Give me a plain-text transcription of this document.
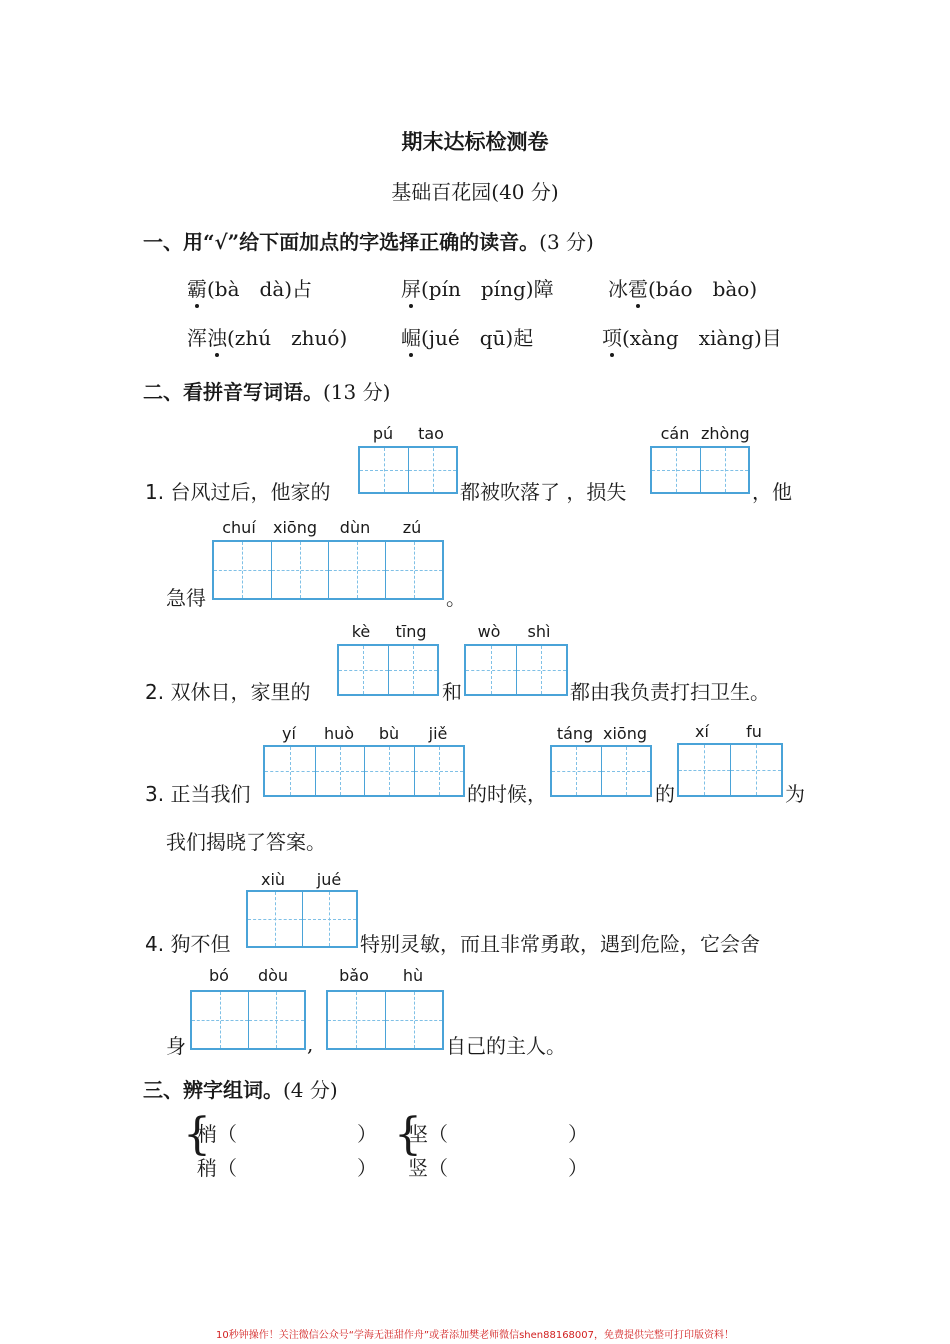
期末达标检测卷
基础百花园(40 分)
一、用“√”给下面加点的字选择正确的读音。(3 分)
霸(bà　dà)占	屏(pín　píng)障	冰雹(báo　bào)
浑浊(zhú　zhuó)	崛(jué　qū)起	项(xàng　xiàng)目
二、看拼音写词语。(13 分)
1. 台风过后，他家的
pú	tao
都被吹落了 ，损失
cán zhòng
，他
chuí	xiōng	dùn	zú
急得	。
kè	tīng	wò	shì
2. 双休日，家里的	和	都由我负责打扫卫生。
yí	huò	bù	jiě	táng xiōng	xí	fu
3. 正当我们	的时候，	的	为
我们揭晓了答案。
xiù	jué
4. 狗不但	特别灵敏，而且非常勇敢，遇到危险，它会舍
bó	dòu	bǎo	hù
身	,	自己的主人。
三、辨字组词。(4 分)
{
梢（　　　　　　）
稍（　　　　　　）
{
坚（　　　　　　）
竖（　　　　　　）
10秒钟操作！关注微信公众号“学海无涯甜作舟”或者添加樊老师微信shen88168007，免费提供完整可打印版资料！
